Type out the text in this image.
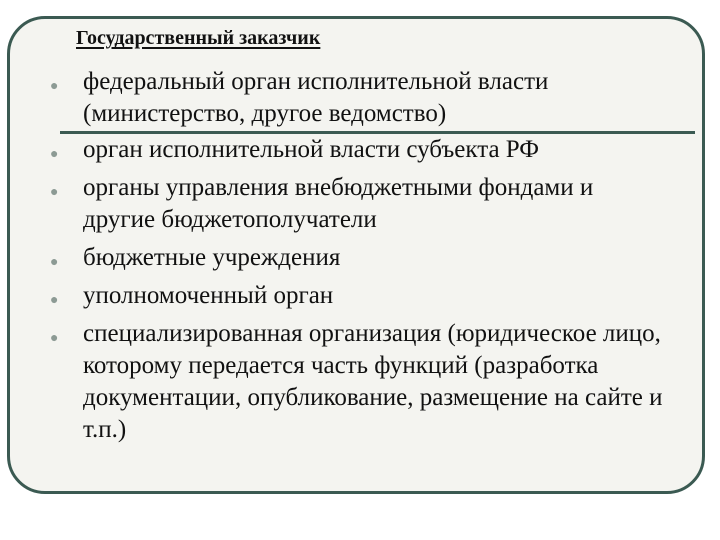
Государственный заказчик
● федеральный орган исполнительной власти (министерство, другое ведомство)
● орган исполнительной власти субъекта РФ
● органы управления внебюджетными фондами и другие бюджетополучатели
● бюджетные учреждения
● уполномоченный орган
● специализированная организация (юридическое лицо, которому передается часть функций (разработка документации, опубликование, размещение на сайте и т.п.)
